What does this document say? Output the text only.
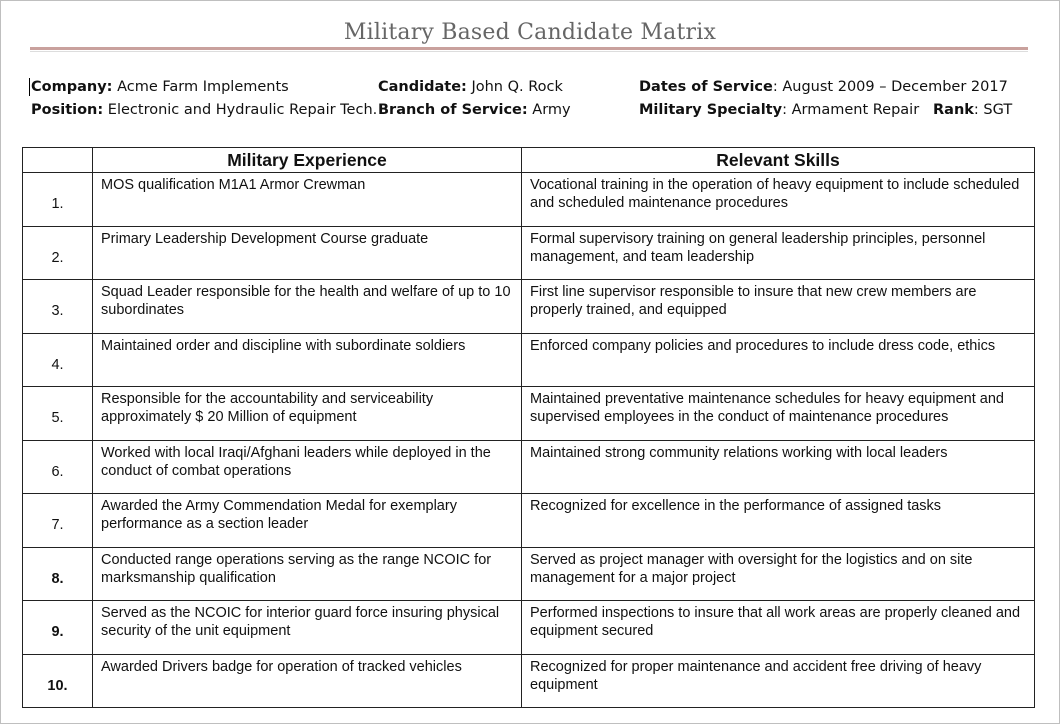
Military Based Candidate Matrix
Company: Acme Farm Implements
Position: Electronic and Hydraulic Repair Tech.
Candidate: John Q. Rock
Branch of Service: Army
Dates of Service: August 2009 – December 2017
Military Specialty: Armament Repair Rank: SGT
	Military Experience	Relevant Skills
1.	MOS qualification M1A1 Armor Crewman	Vocational training in the operation of heavy equipment to include scheduled and scheduled maintenance procedures
2.	Primary Leadership Development Course graduate	Formal supervisory training on general leadership principles, personnel management, and team leadership
3.	Squad Leader responsible for the health and welfare of up to 10 subordinates	First line supervisor responsible to insure that new crew members are properly trained, and equipped
4.	Maintained order and discipline with subordinate soldiers	Enforced company policies and procedures to include dress code, ethics
5.	Responsible for the accountability and serviceability approximately $ 20 Million of equipment	Maintained preventative maintenance schedules for heavy equipment and supervised employees in the conduct of maintenance procedures
6.	Worked with local Iraqi/Afghani leaders while deployed in the conduct of combat operations	Maintained strong community relations working with local leaders
7.	Awarded the Army Commendation Medal for exemplary performance as a section leader	Recognized for excellence in the performance of assigned tasks
8.	Conducted range operations serving as the range NCOIC for marksmanship qualification	Served as project manager with oversight for the logistics and on site management for a major project
9.	Served as the NCOIC for interior guard force insuring physical security of the unit equipment	Performed inspections to insure that all work areas are properly cleaned and equipment secured
10.	Awarded Drivers badge for operation of tracked vehicles	Recognized for proper maintenance and accident free driving of heavy equipment
